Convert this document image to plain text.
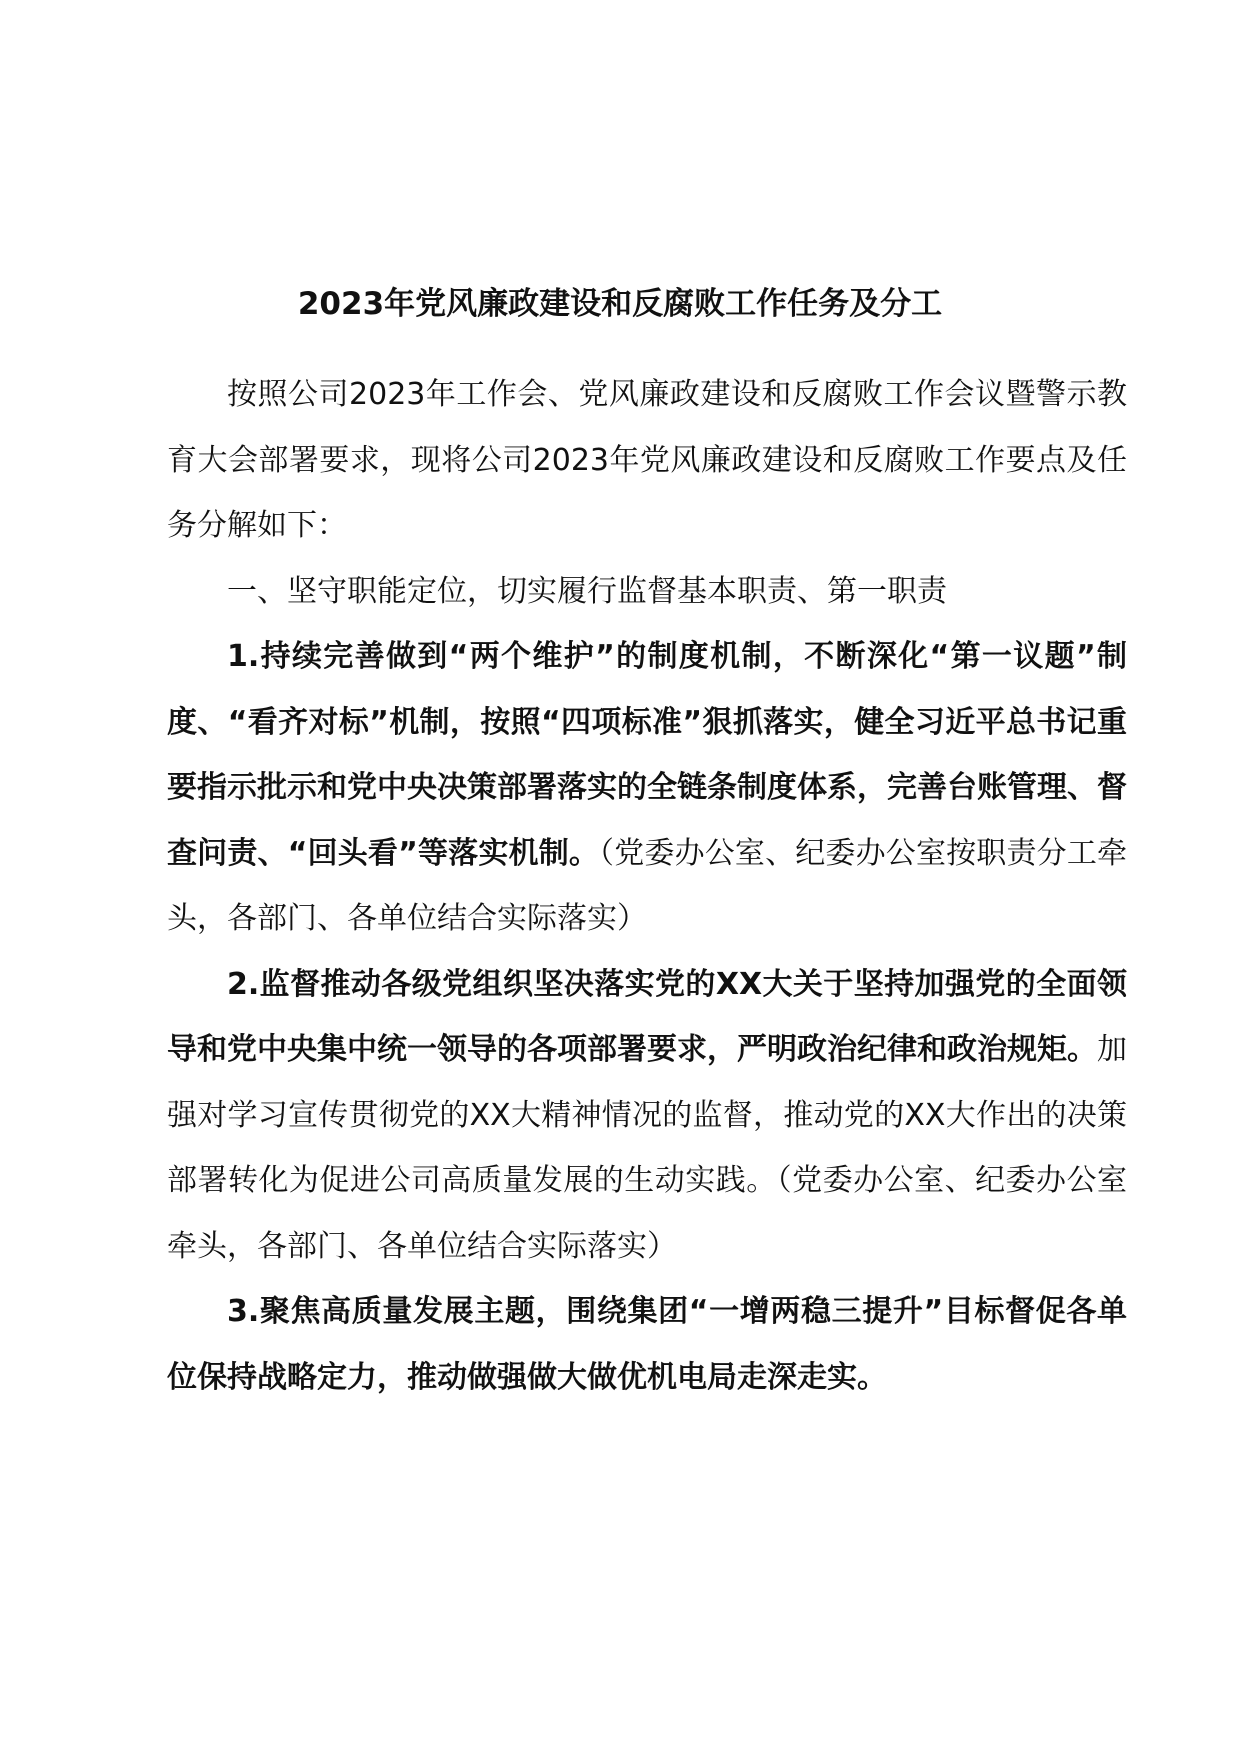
2023年党风廉政建设和反腐败工作任务及分工

按照公司2023年工作会、党风廉政建设和反腐败工作会议暨警示教育大会部署要求，现将公司2023年党风廉政建设和反腐败工作要点及任务分解如下：

一、坚守职能定位，切实履行监督基本职责、第一职责

1.持续完善做到“两个维护”的制度机制，不断深化“第一议题”制度、“看齐对标”机制，按照“四项标准”狠抓落实，健全习近平总书记重要指示批示和党中央决策部署落实的全链条制度体系，完善台账管理、督查问责、“回头看”等落实机制。（党委办公室、纪委办公室按职责分工牵头，各部门、各单位结合实际落实）

2.监督推动各级党组织坚决落实党的XX大关于坚持加强党的全面领导和党中央集中统一领导的各项部署要求，严明政治纪律和政治规矩。加强对学习宣传贯彻党的XX大精神情况的监督，推动党的XX大作出的决策部署转化为促进公司高质量发展的生动实践。（党委办公室、纪委办公室牵头，各部门、各单位结合实际落实）

3.聚焦高质量发展主题，围绕集团“一增两稳三提升”目标督促各单位保持战略定力，推动做强做大做优机电局走深走实。
